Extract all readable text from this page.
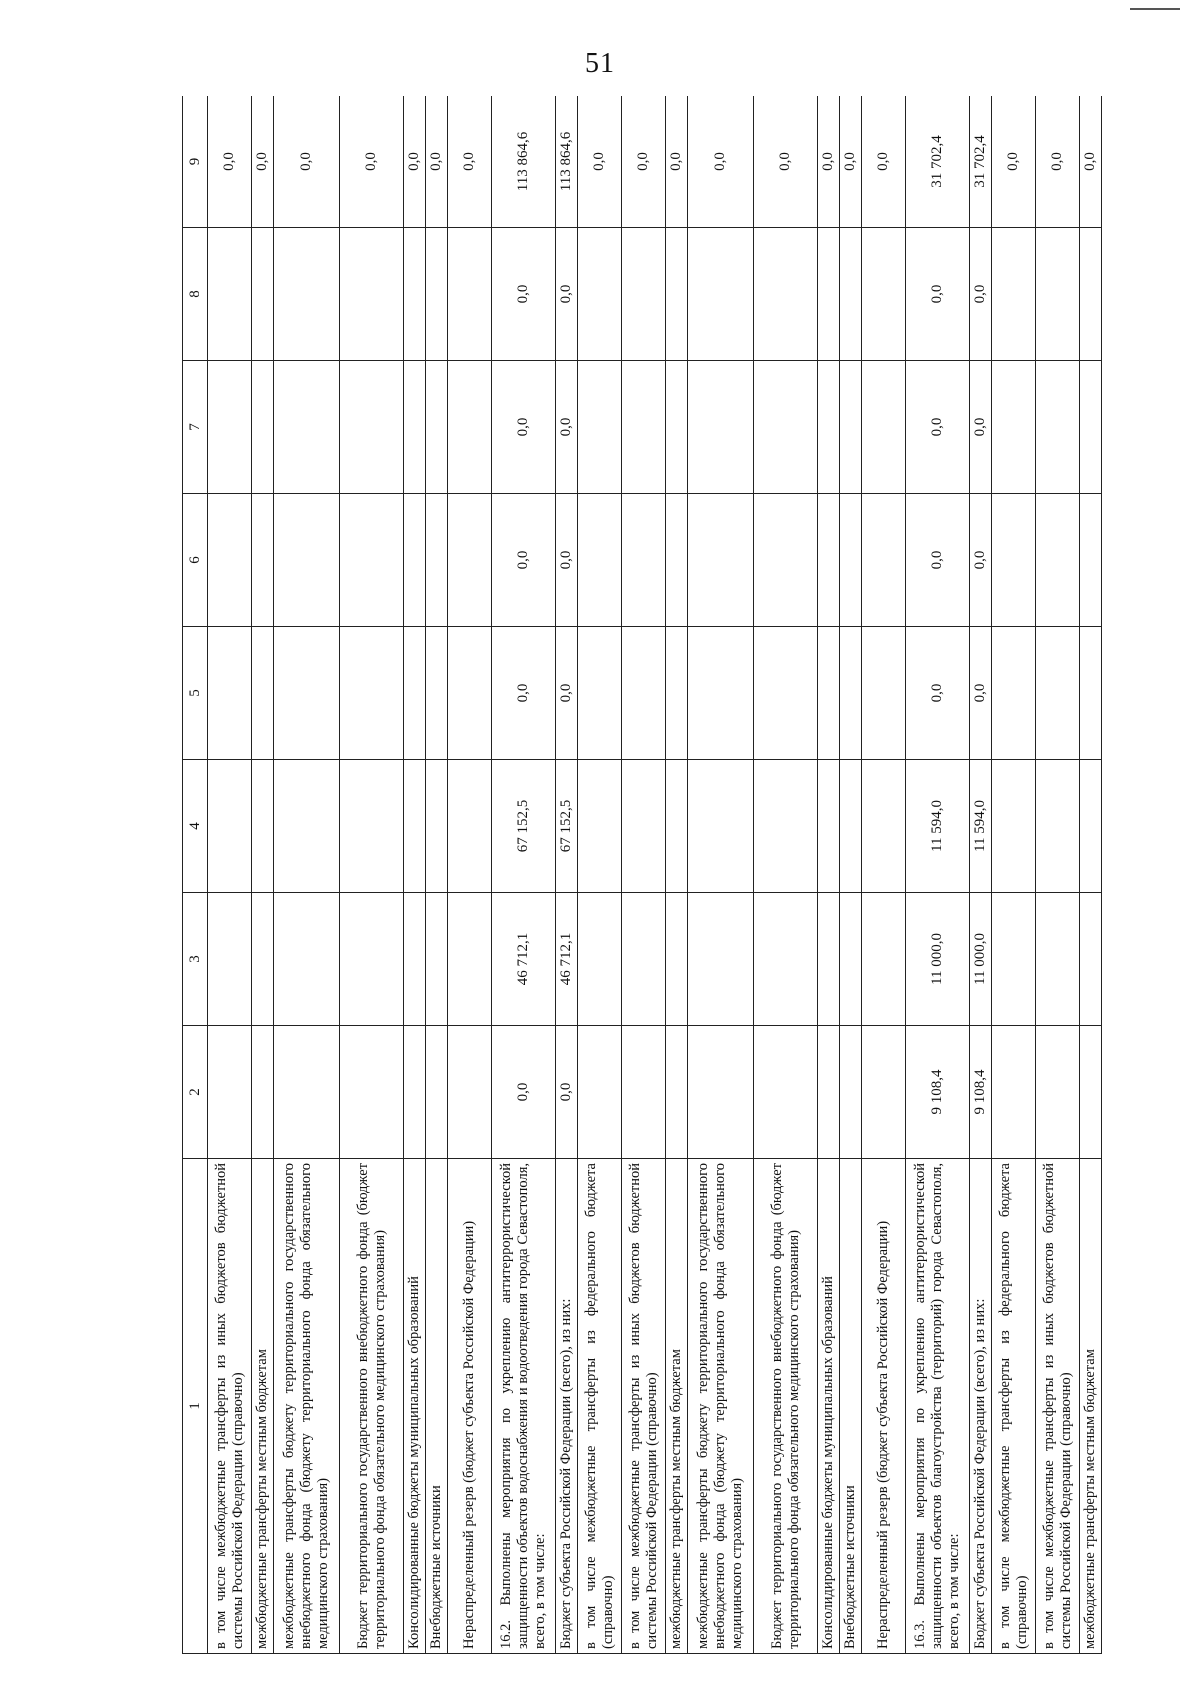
51
1	2	3	4	5	6	7	8	9
в том числе межбюджетные трансферты из иных бюджетов бюджетной системы Российской Федерации (справочно)								0,0
межбюджетные трансферты местным бюджетам								0,0
межбюджетные трансферты бюджету территориального государственного внебюджетного фонда (бюджету территориального фонда обязательного медицинского страхования)								0,0
Бюджет территориального государственного внебюджетного фонда (бюджет территориального фонда обязательного медицинского страхования)								0,0
Консолидированные бюджеты муниципальных образований								0,0
Внебюджетные источники								0,0
Нераспределенный резерв (бюджет субъекта Российской Федерации)								0,0
16.2. Выполнены мероприятия по укреплению антитеррористической защищенности объектов водоснабжения и водоотведения города Севастополя, всего, в том числе:	0,0	46 712,1	67 152,5	0,0	0,0	0,0	0,0	113 864,6
Бюджет субъекта Российской Федерации (всего), из них:	0,0	46 712,1	67 152,5	0,0	0,0	0,0	0,0	113 864,6
в том числе межбюджетные трансферты из федерального бюджета (справочно)								0,0
в том числе межбюджетные трансферты из иных бюджетов бюджетной системы Российской Федерации (справочно)								0,0
межбюджетные трансферты местным бюджетам								0,0
межбюджетные трансферты бюджету территориального государственного внебюджетного фонда (бюджету территориального фонда обязательного медицинского страхования)								0,0
Бюджет территориального государственного внебюджетного фонда (бюджет территориального фонда обязательного медицинского страхования)								0,0
Консолидированные бюджеты муниципальных образований								0,0
Внебюджетные источники								0,0
Нераспределенный резерв (бюджет субъекта Российской Федерации)								0,0
16.3. Выполнены мероприятия по укреплению антитеррористической защищенности объектов благоустройства (территорий) города Севастополя, всего, в том числе:	9 108,4	11 000,0	11 594,0	0,0	0,0	0,0	0,0	31 702,4
Бюджет субъекта Российской Федерации (всего), из них:	9 108,4	11 000,0	11 594,0	0,0	0,0	0,0	0,0	31 702,4
в том числе межбюджетные трансферты из федерального бюджета (справочно)								0,0
в том числе межбюджетные трансферты из иных бюджетов бюджетной системы Российской Федерации (справочно)								0,0
межбюджетные трансферты местным бюджетам								0,0
